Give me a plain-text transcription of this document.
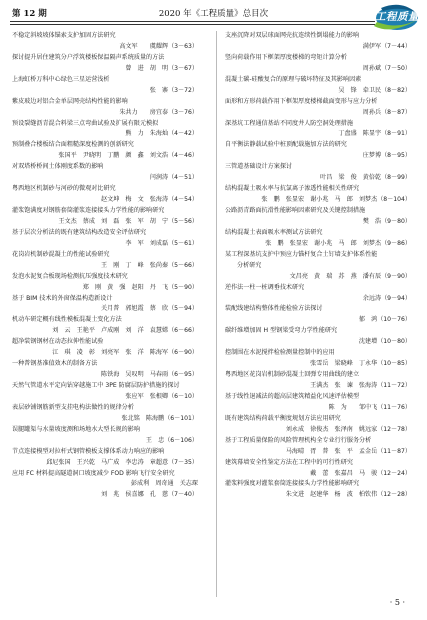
第 12 期	2020 年《工程质量》总目次	工程质量
不稳定斜坡坡体锚索支护加固方法研究
高文军　　虞耀辉（3－63）
探讨提升居住建筑分户浮筑楼板保温隔声系统质量的方法
曾　进　胡　明（3－67）
上海虹桥万科中心绿色三星运营浅析
张　寨（3－72）
紫皮玻边对铝合金单层网壳结构性能的影响
朱共力　　房宜泰（3－76）
预设裂缝沥青混合料梁三点弯曲试验及扩展有限元模拟
熊　力　朱海灿（4－42）
预制叠合楼板结合面粗糙深度检测的创新研究
张国平　尹晓明　丁鹏　颜　鑫　刘文浩（4－46）
对双塔桥桥间土体刚度系数的影响
闫润涛（4－51）
粤西地区机制砂与河砂的微观对比研究
赵文坤　梅　文　张海涛（4－54）
灌浆饱满度对钢筋套筒灌浆连接接头力学性能的影响研究
王文杰　蔡成　刘　磊　张　军　胡　宁（5－56）
基于层次分析法的既有建筑结构改造安全评估研究
李　军　刘成磊（5－61）
花岗岩机制砂混凝土的性能试验研究
王　刚　丁　峰　张尚秦（5－66）
发泡水泥复合板现场检测抗压强度技术研究
郑　刚　黄　强　赵阳　丹　飞（5－90）
基于 BIM 技术的外窗保温构造新设计
关月普　郭旭霞　蔡　欣（5－94）
机动车研定概有线性模板混凝土变化方法
　刘　云　王艳平　卢成刚　刘　洋　袁慧嫦（6－66）
超净装钢钢材在动态拉伸性能试验
江　琪　凌　彰　刘亮军　张　洋　陈海军（6－90）
一种普钢基准值效木的制备方法
陈铁海　吴叹明　马春雨（6－95）
天然气管道水平定向钻穿越施工中 3PE 防腐层防护措施的探讨
张应军　张根卿（6－10）
表层砂铺钢筋新型支挂电构法做性的规律分析
张北铭　陈海鹏（6－101）
误腿罐渠与水量坡度测和场地水大型长规的影响
王　忠（6－106）
节点连接模型对拉杆式钢管模板支撑体系动力响应的影响
邱尼张国　王兴乾　马广成　李忠涛　章超意（7－35）
应用 FC 材料提高隧道洞口坡度减少 FOD 影响飞行安全研究
彭成利　周奇通　关志琛
刘　兆　侯喜娜　孔　慈（7－40）
支座沉降对双层球面网壳抗连续性倒塌能力的影响
满伊军（7－44）
竖向荷载作用下框架厚度楼梯的弯矩计算分析
周孙斌（7－50）
混凝土碳-硅酸复合的原理与破坏特征及其影响因素
吴　锋　牵卫民（8－82）
面形和方形荷载作用下框架厚度楼梯截面变形与应力分析
周孙兵（8－87）
深基坑工程通信基站不同度井人防空洞处理措施
丁盘盛　陈显宇（8－91）
自平衡法静载试验中桩顶配载施加方法的研究
庄梦博（8－95）
三管道基础设计方案探讨
叶昌　梁　俊　黄倍乾（8－99）
结构混凝土吸水率与抗氯离子渗透性能相关性研究
张　鹏　张显宏　谢小兆　马　郎　刘梦杰（8－104）
公路沥青路面抗滑性能影响因素研究及关键控制措施
樊　浩（9－80）
结构混凝土表面吸水率测试方法研究
张　鹏　张显宏　谢小兆　马　郎　刘梦杰（9－86）
某工程深基坑支护中预应力锚杆复合土钉墙支护体系性能
分析研究
文昌亮　黄　瑞　苏　燕　潘有辰（9－90）
逆作法一柱一桩调垂技术研究
余远涛（9－94）
装配线建结构整体性能检验方法探讨
郁　鸿（10－76）
碳纤维增加固 H 型钢梁受弯力学性能研究
沈建增（10－80）
控制围在水泥搅拌检验测量控制中的应用
张雪岳　梁晓峰　丁永华（10－85）
粤西地区花岗岩机制砂混凝土回弹专用曲线的建立
王满杰　张　谏　张海涛（11－72）
基于线性退减法的超高层建筑精益化风速评估模型
陈　为　　邹中飞（11－76）
既有建筑结构荷载平衡度规划方法应用研究
刘永成　徐俊杰　张泽南　姚远家（12－78）
基于工程质量保险的风险管理机构全专业行行服务分析
马海晴　胥　普　张　平　孟金岳（11－87）
建筑幕墙安全性鉴定方法在工程中的可行性研究
戴　蕾　张嘉昌　马　骏（12－24）
灌浆料强度对灌浆套筒连接接头力学性能影响研究
朱文进　赵建华　杨　波　柏钦伟（12－28）
· 5 ·
